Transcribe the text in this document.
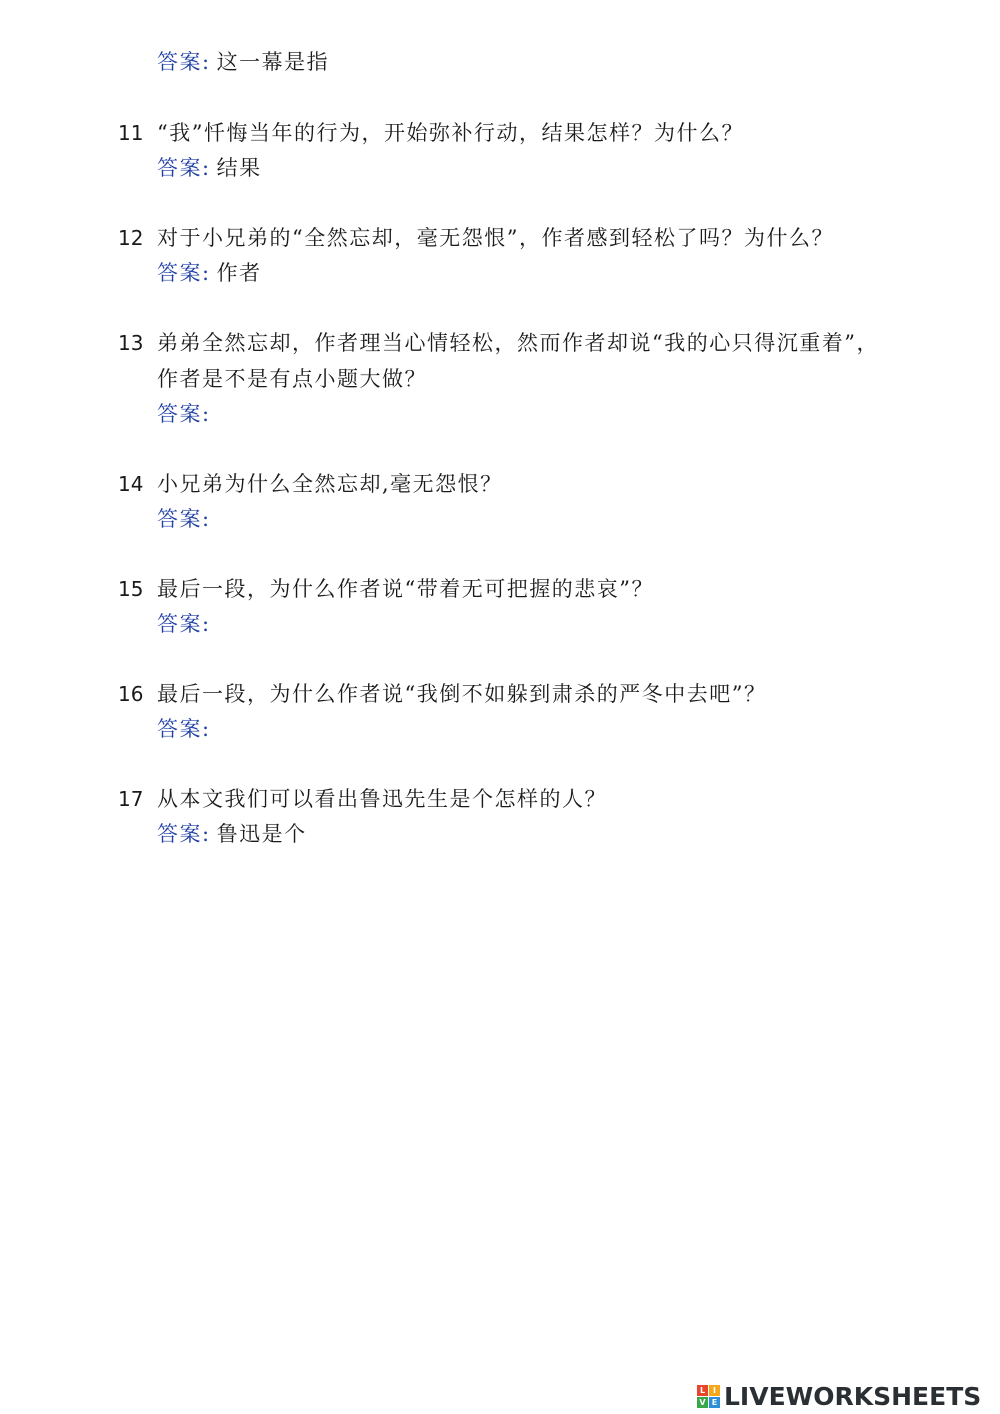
答案: 这一幕是指
11 “我”忏悔当年的行为，开始弥补行动，结果怎样？为什么？
答案: 结果
12 对于小兄弟的“全然忘却，毫无怨恨”，作者感到轻松了吗？为什么？
答案: 作者
13 弟弟全然忘却，作者理当心情轻松，然而作者却说“我的心只得沉重着”，
作者是不是有点小题大做？
答案:
14 小兄弟为什么全然忘却,毫无怨恨？
答案:
15 最后一段，为什么作者说“带着无可把握的悲哀”？
答案:
16 最后一段，为什么作者说“我倒不如躲到肃杀的严冬中去吧”？
答案:
17 从本文我们可以看出鲁迅先生是个怎样的人？
答案: 鲁迅是个
L I
V E LIVEWORKSHEETS
